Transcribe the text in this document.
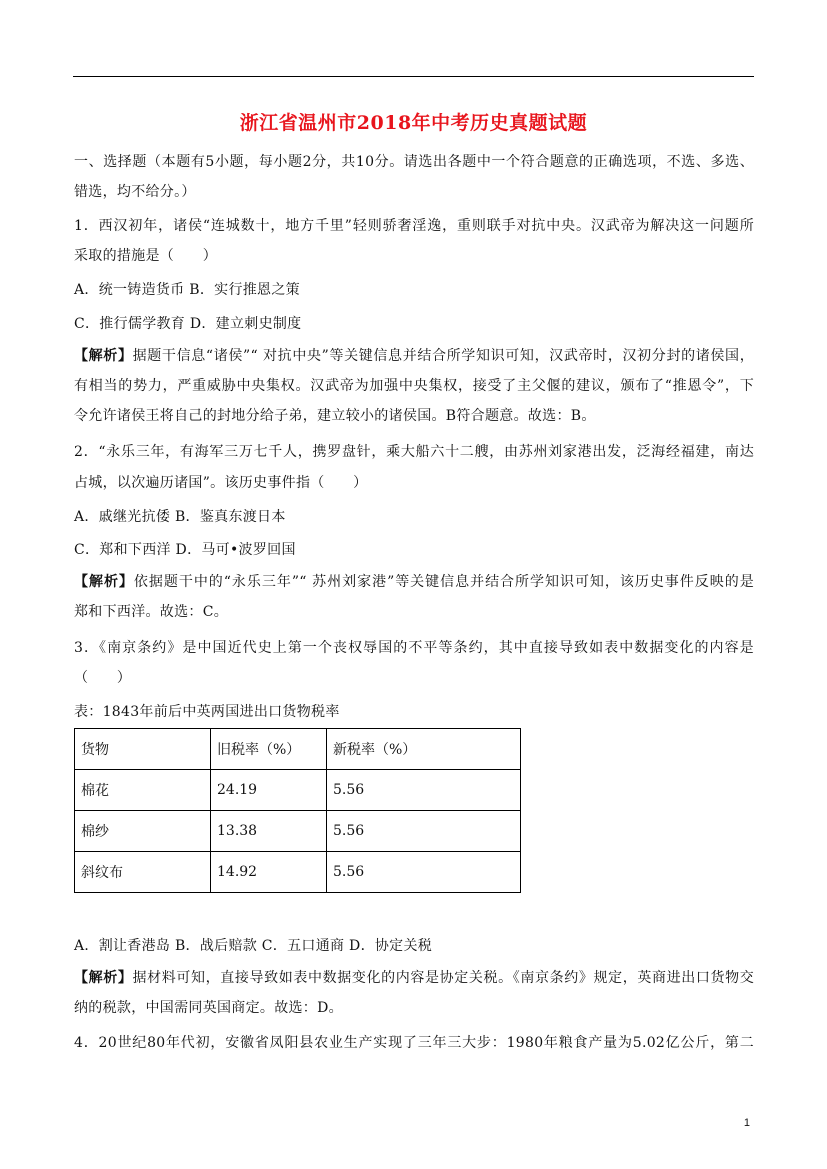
浙江省温州市2018年中考历史真题试题
一、选择题（本题有5小题，每小题2分，共10分。请选出各题中一个符合题意的正确选项，不选、多选、
错选，均不给分。）
1．西汉初年，诸侯“连城数十，地方千里”轻则骄奢淫逸，重则联手对抗中央。汉武帝为解决这一问题所
采取的措施是（　　）
A．统一铸造货币 B．实行推恩之策
C．推行儒学教育 D．建立刺史制度
【解析】据题干信息“诸侯”“ 对抗中央”等关键信息并结合所学知识可知，汉武帝时，汉初分封的诸侯国，
有相当的势力，严重威胁中央集权。汉武帝为加强中央集权，接受了主父偃的建议，颁布了“推恩令”，下
令允许诸侯王将自己的封地分给子弟，建立较小的诸侯国。B符合题意。故选：B。
2．“永乐三年，有海军三万七千人，携罗盘针，乘大船六十二艘，由苏州刘家港出发，泛海经福建，南达
占城，以次遍历诸国”。该历史事件指（　　）
A．戚继光抗倭 B．鉴真东渡日本
C．郑和下西洋 D．马可•波罗回国
【解析】依据题干中的“永乐三年”“ 苏州刘家港”等关键信息并结合所学知识可知，该历史事件反映的是
郑和下西洋。故选：C。
3．《南京条约》是中国近代史上第一个丧权辱国的不平等条约，其中直接导致如表中数据变化的内容是
（　　）
表：1843年前后中英两国进出口货物税率
货物	旧税率（%）	新税率（%）
棉花	24.19	5.56
棉纱	13.38	5.56
斜纹布	14.92	5.56
A．割让香港岛 B．战后赔款 C．五口通商 D．协定关税
【解析】据材料可知，直接导致如表中数据变化的内容是协定关税。《南京条约》规定，英商进出口货物交
纳的税款，中国需同英国商定。故选：D。
4．20世纪80年代初，安徽省凤阳县农业生产实现了三年三大步：1980年粮食产量为5.02亿公斤，第二
1
